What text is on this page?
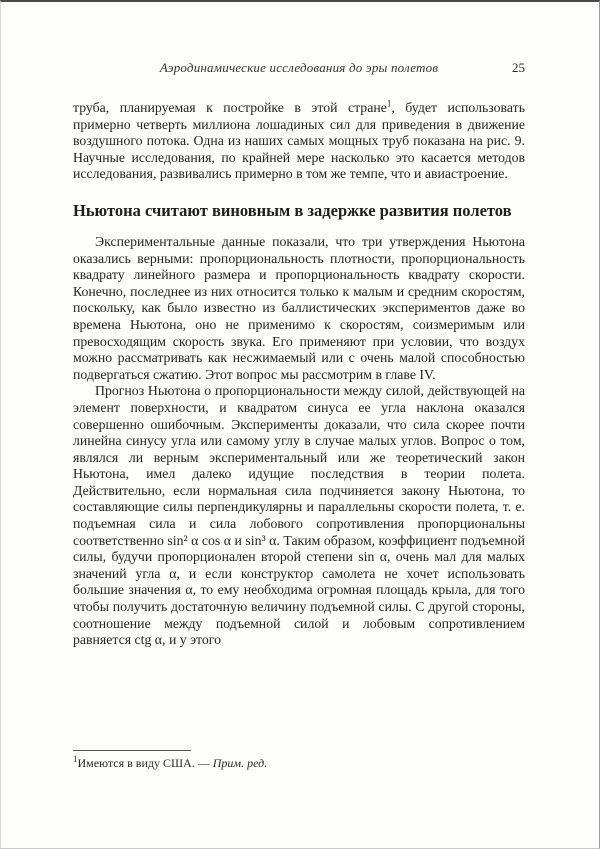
25
Аэродинамические исследования до эры полетов

труба, планируемая к постройке в этой стране$^1$, будет использовать примерно четверть миллиона лошадиных сил для приведения в движение воздушного потока. Одна из наших самых мощных труб показана на рис. 9. Научные исследования, по крайней мере насколько это касается методов исследования, развивались примерно в том же темпе, что и авиастроение.

Ньютона считают виновным в задержке развития полетов

Экспериментальные данные показали, что три утверждения Ньютона оказались верными: пропорциональность плотности, пропорциональность квадрату линейного размера и пропорциональность квадрату скорости. Конечно, последнее из них относится только к малым и средним скоростям, поскольку, как было известно из баллистических экспериментов даже во времена Ньютона, оно не применимо к скоростям, соизмеримым или превосходящим скорость звука. Его применяют при условии, что воздух можно рассматривать как несжимаемый или с очень малой способностью подвергаться сжатию. Этот вопрос мы рассмотрим в главе IV.

Прогноз Ньютона о пропорциональности между силой, действующей на элемент поверхности, и квадратом синуса ее угла наклона оказался совершенно ошибочным. Эксперименты доказали, что сила скорее почти линейна синусу угла или самому углу в случае малых углов. Вопрос о том, являлся ли верным экспериментальный или же теоретический закон Ньютона, имел далеко идущие последствия в теории полета. Действительно, если нормальная сила подчиняется закону Ньютона, то составляющие силы перпендикулярны и параллельны скорости полета, т. е. подъемная сила и сила лобового сопротивления пропорциональны соответственно sin² α cos α и sin³ α. Таким образом, коэффициент подъемной силы, будучи пропорционален второй степени sin α, очень мал для малых значений угла α, и если конструктор самолета не хочет использовать большие значения α, то ему необходима огромная площадь крыла, для того чтобы получить достаточную величину подъемной силы. С другой стороны, соотношение между подъемной силой и лобовым сопротивлением равняется ctg α, и у этого

$^1$Имеются в виду США. — Прим. ред.
